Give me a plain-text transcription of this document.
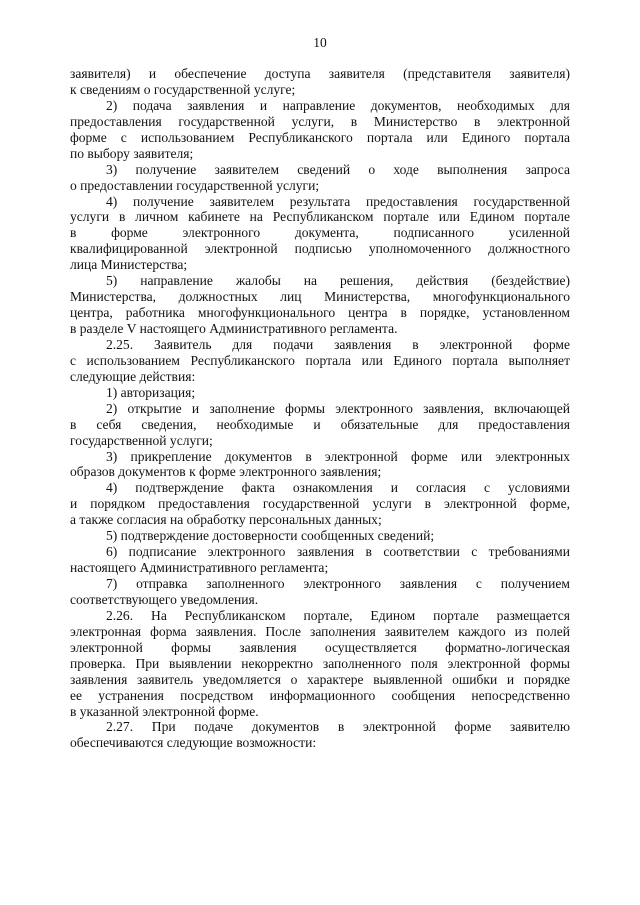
10
заявителя) и обеспечение доступа заявителя (представителя заявителя)
к сведениям о государственной услуге;
2) подача заявления и направление документов, необходимых для
предоставления государственной услуги, в Министерство в электронной
форме с использованием Республиканского портала или Единого портала
по выбору заявителя;
3) получение заявителем сведений о ходе выполнения запроса
о предоставлении государственной услуги;
4) получение заявителем результата предоставления государственной
услуги в личном кабинете на Республиканском портале или Едином портале
в форме электронного документа, подписанного усиленной
квалифицированной электронной подписью уполномоченного должностного
лица Министерства;
5) направление жалобы на решения, действия (бездействие)
Министерства, должностных лиц Министерства, многофункционального
центра, работника многофункционального центра в порядке, установленном
в разделе V настоящего Административного регламента.
2.25. Заявитель для подачи заявления в электронной форме
с использованием Республиканского портала или Единого портала выполняет
следующие действия:
1) авторизация;
2) открытие и заполнение формы электронного заявления, включающей
в себя сведения, необходимые и обязательные для предоставления
государственной услуги;
3) прикрепление документов в электронной форме или электронных
образов документов к форме электронного заявления;
4) подтверждение факта ознакомления и согласия с условиями
и порядком предоставления государственной услуги в электронной форме,
а также согласия на обработку персональных данных;
5) подтверждение достоверности сообщенных сведений;
6) подписание электронного заявления в соответствии с требованиями
настоящего Административного регламента;
7) отправка заполненного электронного заявления с получением
соответствующего уведомления.
2.26. На Республиканском портале, Едином портале размещается
электронная форма заявления. После заполнения заявителем каждого из полей
электронной формы заявления осуществляется форматно-логическая
проверка. При выявлении некорректно заполненного поля электронной формы
заявления заявитель уведомляется о характере выявленной ошибки и порядке
ее устранения посредством информационного сообщения непосредственно
в указанной электронной форме.
2.27. При подаче документов в электронной форме заявителю
обеспечиваются следующие возможности:
